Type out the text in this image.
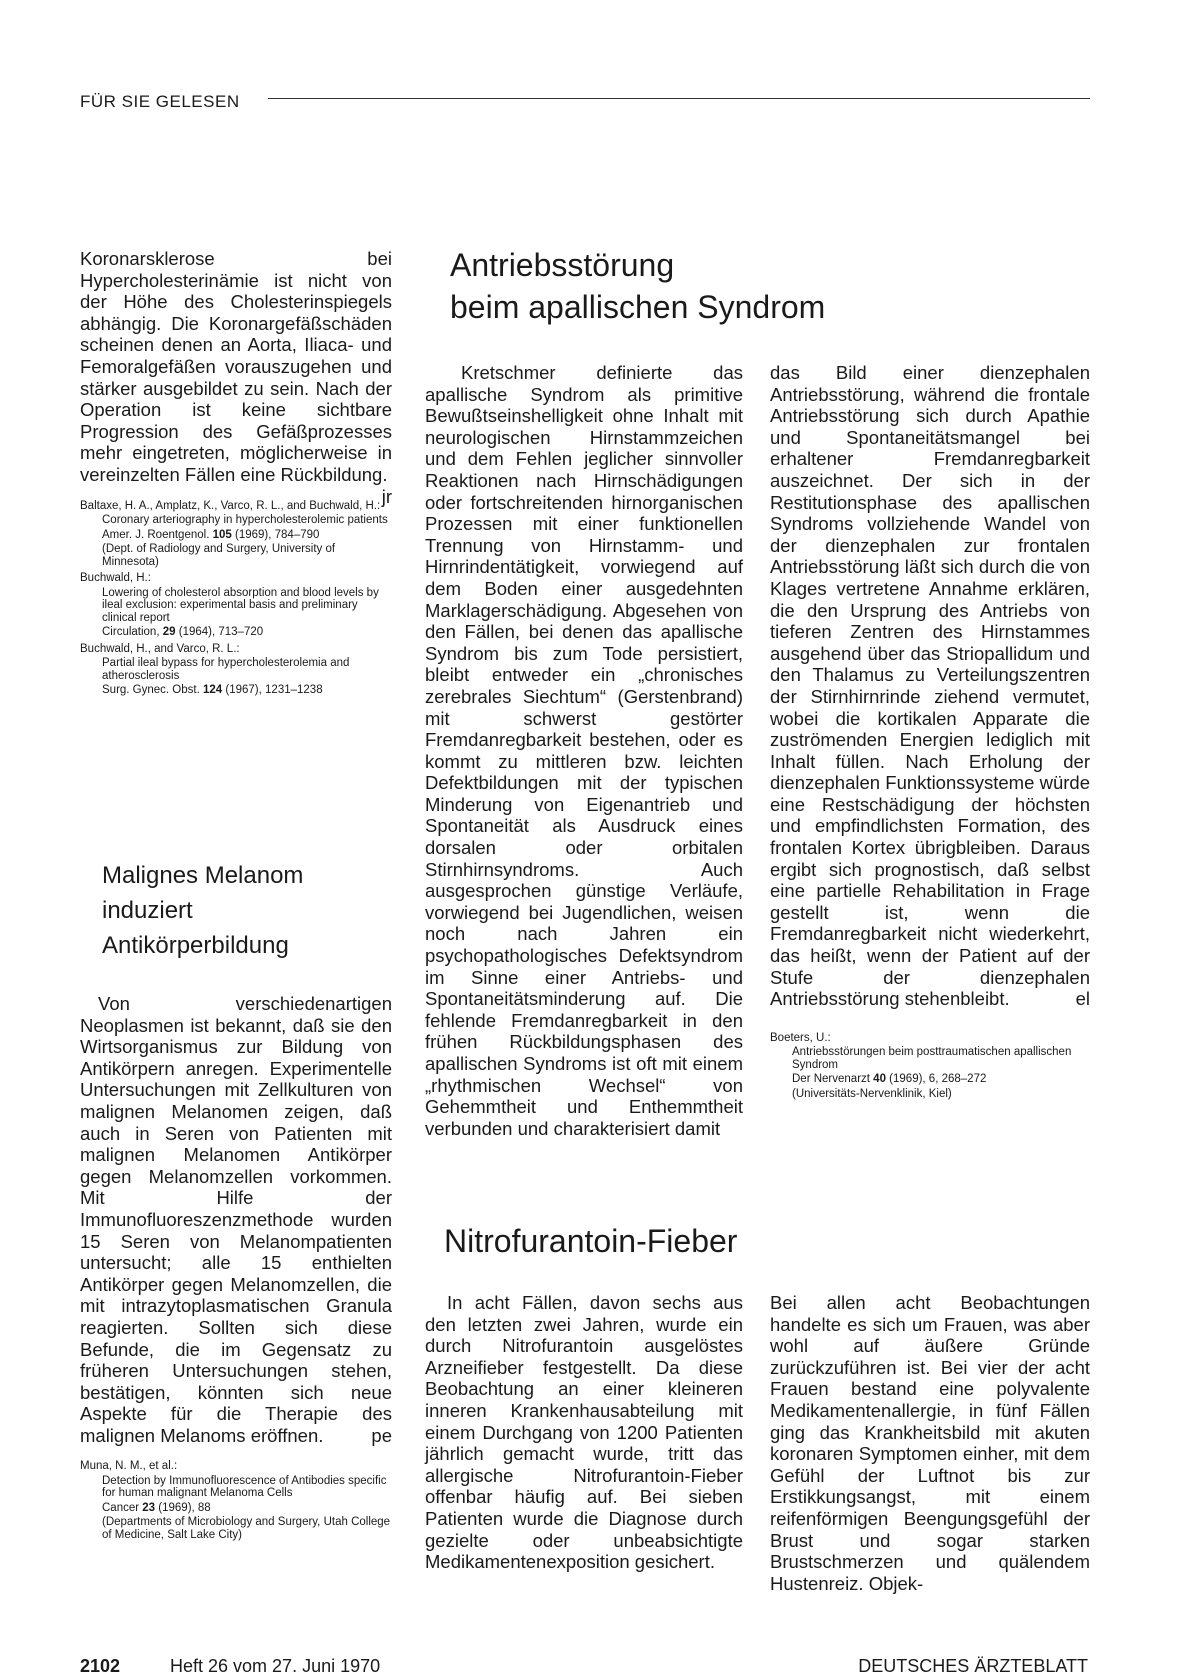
FÜR SIE GELESEN

Koronarsklerose bei Hypercholesterinämie ist nicht von der Höhe des Cholesterinspiegels abhängig. Die Koronargefäßschäden scheinen denen an Aorta, Iliaca- und Femoralgefäßen vorauszugehen und stärker ausgebildet zu sein. Nach der Operation ist keine sichtbare Progression des Gefäßprozesses mehr eingetreten, möglicherweise in vereinzelten Fällen eine Rückbildung.
jr

Baltaxe, H. A., Amplatz, K., Varco, R. L., and Buchwald, H.:
Coronary arteriography in hypercholesterolemic patients
Amer. J. Roentgenol. 105 (1969), 784–790
(Dept. of Radiology and Surgery, University of Minnesota)
Buchwald, H.:
Lowering of cholesterol absorption and blood levels by ileal exclusion: experimental basis and preliminary clinical report
Circulation, 29 (1964), 713–720
Buchwald, H., and Varco, R. L.:
Partial ileal bypass for hypercholesterolemia and atherosclerosis
Surg. Gynec. Obst. 124 (1967), 1231–1238
Malignes Melanom
induziert
Antikörperbildung

Von verschiedenartigen Neoplasmen ist bekannt, daß sie den Wirtsorganismus zur Bildung von Antikörpern anregen. Experimentelle Untersuchungen mit Zellkulturen von malignen Melanomen zeigen, daß auch in Seren von Patienten mit malignen Melanomen Antikörper gegen Melanomzellen vorkommen. Mit Hilfe der Immunofluoreszenzmethode wurden 15 Seren von Melanompatienten untersucht; alle 15 enthielten Antikörper gegen Melanomzellen, die mit intrazytoplasmatischen Granula reagierten. Sollten sich diese Befunde, die im Gegensatz zu früheren Untersuchungen stehen, bestätigen, könnten sich neue Aspekte für die Therapie des malignen Melanoms eröffnen.	pe

Muna, N. M., et al.:
Detection by Immunofluorescence of Antibodies specific for human malignant Melanoma Cells
Cancer 23 (1969), 88
(Departments of Microbiology and Surgery, Utah College of Medicine, Salt Lake City)
Antriebsstörung
beim apallischen Syndrom

Kretschmer definierte das apallische Syndrom als primitive Bewußtseinshelligkeit ohne Inhalt mit neurologischen Hirnstammzeichen und dem Fehlen jeglicher sinnvoller Reaktionen nach Hirnschädigungen oder fortschreitenden hirnorganischen Prozessen mit einer funktionellen Trennung von Hirnstamm- und Hirnrindentätigkeit, vorwiegend auf dem Boden einer ausgedehnten Marklagerschädigung. Abgesehen von den Fällen, bei denen das apallische Syndrom bis zum Tode persistiert, bleibt entweder ein „chronisches zerebrales Siechtum“ (Gerstenbrand) mit schwerst gestörter Fremdanregbarkeit bestehen, oder es kommt zu mittleren bzw. leichten Defektbildungen mit der typischen Minderung von Eigenantrieb und Spontaneität als Ausdruck eines dorsalen oder orbitalen Stirnhirnsyndroms. Auch ausgesprochen günstige Verläufe, vorwiegend bei Jugendlichen, weisen noch nach Jahren ein psychopathologisches Defektsyndrom im Sinne einer Antriebs- und Spontaneitätsminderung auf. Die fehlende Fremdanregbarkeit in den frühen Rückbildungsphasen des apallischen Syndroms ist oft mit einem „rhythmischen Wechsel“ von Gehemmtheit und Enthemmtheit verbunden und charakterisiert damit

das Bild einer dienzephalen Antriebsstörung, während die frontale Antriebsstörung sich durch Apathie und Spontaneitätsmangel bei erhaltener Fremdanregbarkeit auszeichnet. Der sich in der Restitutionsphase des apallischen Syndroms vollziehende Wandel von der dienzephalen zur frontalen Antriebsstörung läßt sich durch die von Klages vertretene Annahme erklären, die den Ursprung des Antriebs von tieferen Zentren des Hirnstammes ausgehend über das Striopallidum und den Thalamus zu Verteilungszentren der Stirnhirnrinde ziehend vermutet, wobei die kortikalen Apparate die zuströmenden Energien lediglich mit Inhalt füllen. Nach Erholung der dienzephalen Funktionssysteme würde eine Restschädigung der höchsten und empfindlichsten Formation, des frontalen Kortex übrigbleiben. Daraus ergibt sich prognostisch, daß selbst eine partielle Rehabilitation in Frage gestellt ist, wenn die Fremdanregbarkeit nicht wiederkehrt, das heißt, wenn der Patient auf der Stufe der dienzephalen Antriebsstörung stehenbleibt.	el

Boeters, U.:
Antriebsstörungen beim posttraumatischen apallischen Syndrom
Der Nervenarzt 40 (1969), 6, 268–272
(Universitäts-Nervenklinik, Kiel)
Nitrofurantoin-Fieber

In acht Fällen, davon sechs aus den letzten zwei Jahren, wurde ein durch Nitrofurantoin ausgelöstes Arzneifieber festgestellt. Da diese Beobachtung an einer kleineren inneren Krankenhausabteilung mit einem Durchgang von 1200 Patienten jährlich gemacht wurde, tritt das allergische Nitrofurantoin-Fieber offenbar häufig auf. Bei sieben Patienten wurde die Diagnose durch gezielte oder unbeabsichtigte Medikamentenexposition gesichert.

Bei allen acht Beobachtungen handelte es sich um Frauen, was aber wohl auf äußere Gründe zurückzuführen ist. Bei vier der acht Frauen bestand eine polyvalente Medikamentenallergie, in fünf Fällen ging das Krankheitsbild mit akuten koronaren Symptomen einher, mit dem Gefühl der Luftnot bis zur Erstikkungsangst, mit einem reifenförmigen Beengungsgefühl der Brust und sogar starken Brustschmerzen und quälendem Hustenreiz. Objek-

2102	Heft 26 vom 27. Juni 1970	DEUTSCHES ÄRZTEBLATT
